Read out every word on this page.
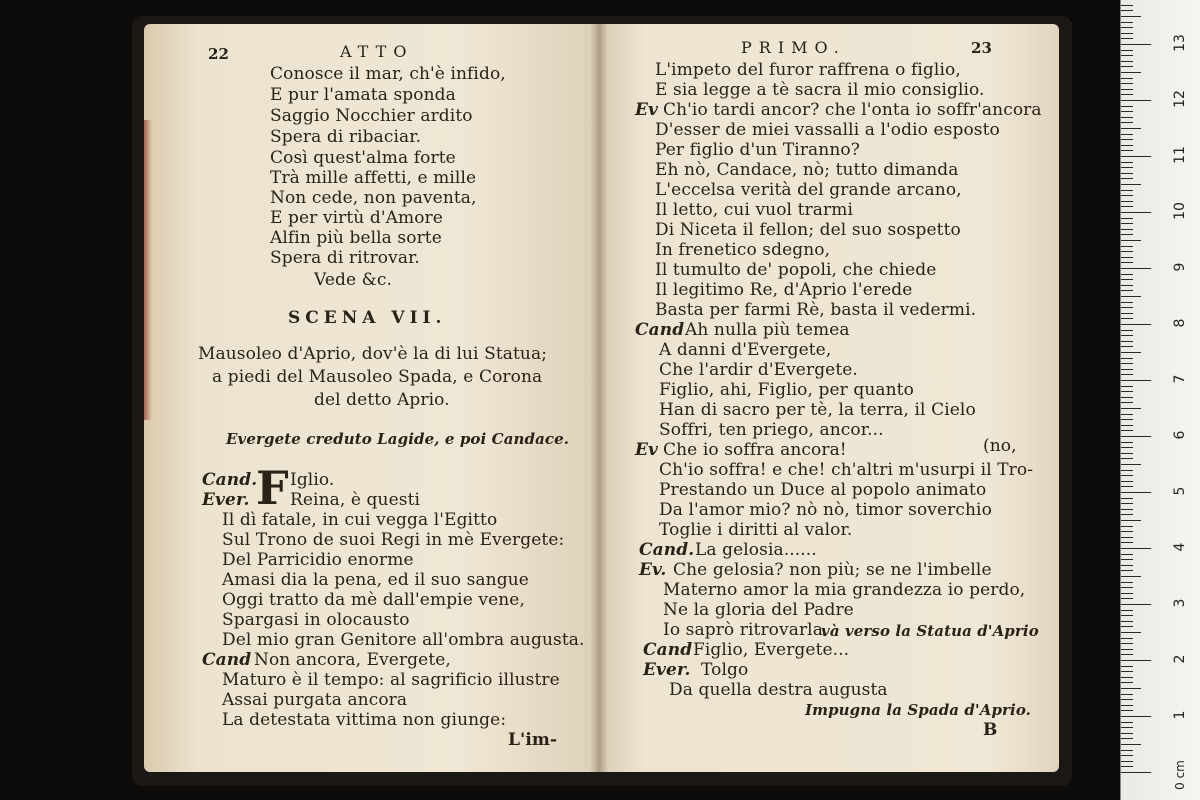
22	ATTO
Conosce il mar, ch'è infido,
E pur l'amata sponda
Saggio Nocchier ardito
Spera di ribaciar.
Così quest'alma forte
Trà mille affetti, e mille
Non cede, non paventa,
E per virtù d'Amore
Alfin più bella sorte
Spera di ritrovar.
Vede &c.
SCENA VII.
Mausoleo d'Aprio, dov'è la di lui Statua;
a piedi del Mausoleo Spada, e Corona
del detto Aprio.
Evergete creduto Lagide, e poi Candace.
F
Cand. Iglio.
Ever. Reina, è questi
Il dì fatale, in cui vegga l'Egitto
Sul Trono de suoi Regi in mè Evergete:
Del Parricidio enorme
Amasi dia la pena, ed il suo sangue
Oggi tratto da mè dall'empie vene,
Spargasi in olocausto
Del mio gran Genitore all'ombra augusta.
Cand Non ancora, Evergete,
Maturo è il tempo: al sagrificio illustre
Assai purgata ancora
La detestata vittima non giunge:
L'im-
PRIMO.	23
L'impeto del furor raffrena o figlio,
E sia legge a tè sacra il mio consiglio.
Ev Ch'io tardi ancor? che l'onta io soffr'ancora
D'esser de miei vassalli a l'odio esposto
Per figlio d'un Tiranno?
Eh nò, Candace, nò; tutto dimanda
L'eccelsa verità del grande arcano,
Il letto, cui vuol trarmi
Di Niceta il fellon; del suo sospetto
In frenetico sdegno,
Il tumulto de' popoli, che chiede
Il legitimo Re, d'Aprio l'erede
Basta per farmi Rè, basta il vedermi.
Cand Ah nulla più temea
A danni d'Evergete,
Che l'ardir d'Evergete.
Figlio, ahi, Figlio, per quanto
Han di sacro per tè, la terra, il Cielo
Soffri, ten priego, ancor...
Ev Che io soffra ancora!	(no,
Ch'io soffra! e che! ch'altri m'usurpi il Tro-
Prestando un Duce al popolo animato
Da l'amor mio? nò nò, timor soverchio
Toglie i diritti al valor.
Cand. La gelosia......
Ev. Che gelosia? non più; se ne l'imbelle
Materno amor la mia grandezza io perdo,
Ne la gloria del Padre
Io saprò ritrovarla
và verso la Statua d'Aprio
Cand Figlio, Evergete...
Ever. Tolgo
Da quella destra augusta
Impugna la Spada d'Aprio.
B
0 cm
1
2
3
4
5
6
7
8
9
10
11
12
13
